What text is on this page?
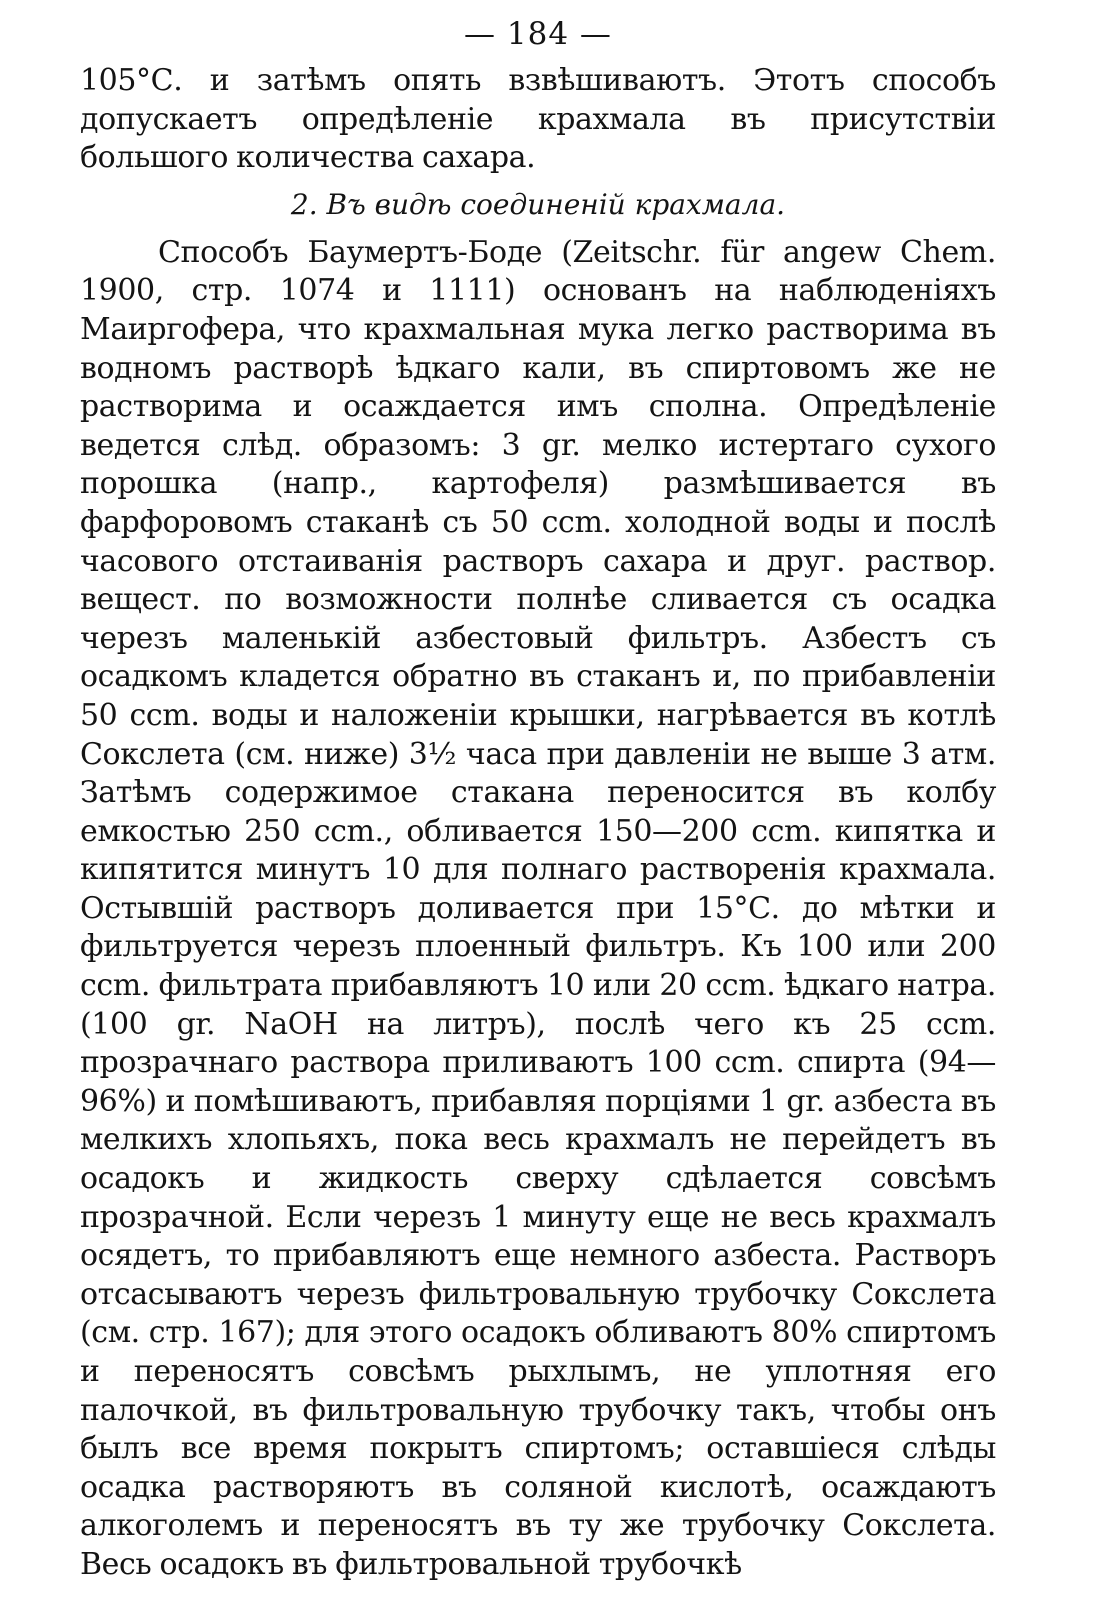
— 184 —

105°С. и затѣмъ опять взвѣшиваютъ. Этотъ способъ допускаетъ опредѣленіе крахмала въ присутствіи большого количества сахара.

2. Въ видѣ соединенiй крахмала.

Способъ Баумертъ-Боде (Zeitschr. für angew Chem. 1900, стр. 1074 и 1111) основанъ на наблюденіяхъ Маиргофера, что крахмальная мука легко растворима въ водномъ растворѣ ѣдкаго кали, въ спиртовомъ же не растворима и осаждается имъ сполна. Опредѣленіе ведется слѣд. образомъ: 3 gr. мелко истертаго сухого порошка (напр., картофеля) размѣшивается въ фарфоровомъ стаканѣ съ 50 ccm. холодной воды и послѣ часового отстаиванія растворъ сахара и друг. раствор. вещест. по возможности полнѣе сливается съ осадка черезъ маленькій азбестовый фильтръ. Азбестъ съ осадкомъ кладется обратно въ стаканъ и, по прибавленіи 50 ccm. воды и наложеніи крышки, нагрѣвается въ котлѣ Сокслета (см. ниже) 3½ часа при давленіи не выше 3 атм. Затѣмъ содержимое стакана переносится въ колбу емкостью 250 ccm., обливается 150—200 ccm. кипятка и кипятится минутъ 10 для полнаго растворенія крахмала. Остывшій растворъ доливается при 15°С. до мѣтки и фильтруется черезъ плоенный фильтръ. Къ 100 или 200 ccm. фильтрата прибавляютъ 10 или 20 ccm. ѣдкаго натра. (100 gr. NaOH на литръ), послѣ чего къ 25 ccm. прозрачнаго раствора приливаютъ 100 ccm. спирта (94—96%) и помѣшиваютъ, прибавляя порціями 1 gr. азбеста въ мелкихъ хлопьяхъ, пока весь крахмалъ не перейдетъ въ осадокъ и жидкость сверху сдѣлается совсѣмъ прозрачной. Если черезъ 1 минуту еще не весь крахмалъ осядетъ, то прибавляютъ еще немного азбеста. Растворъ отсасываютъ черезъ фильтровальную трубочку Сокслета (см. стр. 167); для этого осадокъ обливаютъ 80% спиртомъ и переносятъ совсѣмъ рыхлымъ, не уплотняя его палочкой, въ фильтровальную трубочку такъ, чтобы онъ былъ все время покрытъ спиртомъ; оставшіеся слѣды осадка растворяютъ въ соляной кислотѣ, осаждаютъ алкоголемъ и переносятъ въ ту же трубочку Сокслета. Весь осадокъ въ фильтровальной трубочкѣ
